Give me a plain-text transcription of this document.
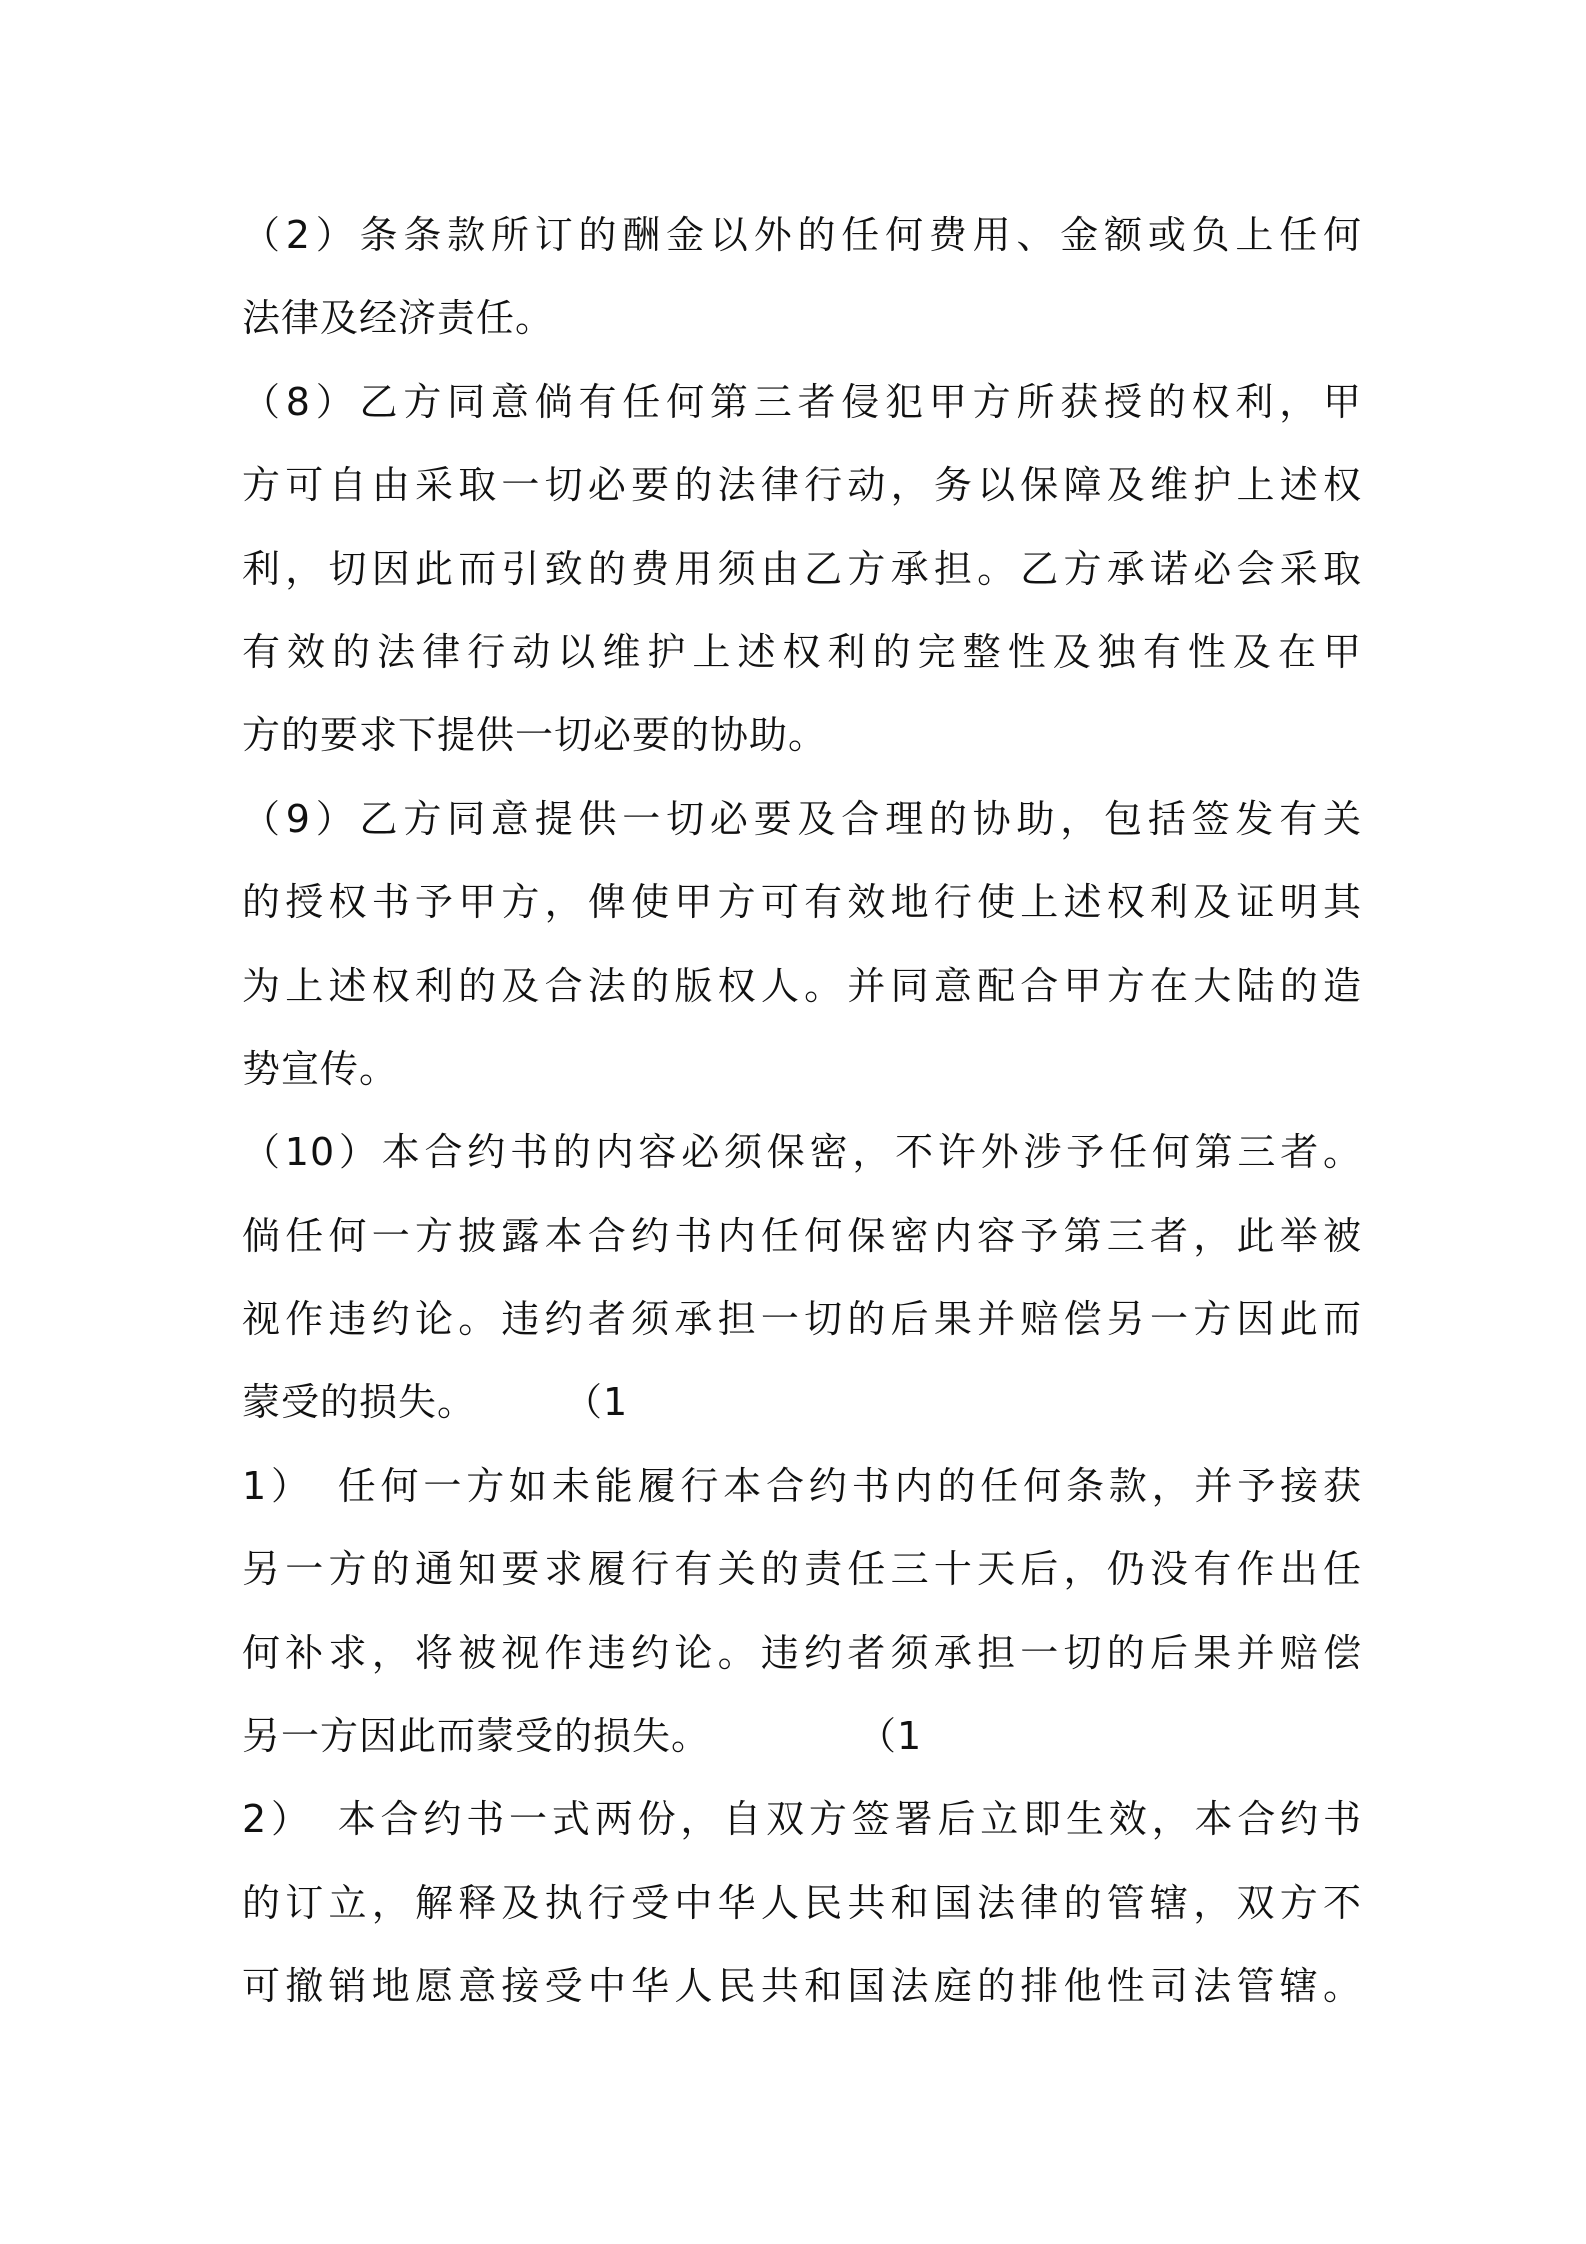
（2）条条款所订的酬金以外的任何费用、金额或负上任何
法律及经济责任。
（8）乙方同意倘有任何第三者侵犯甲方所获授的权利，甲
方可自由采取一切必要的法律行动，务以保障及维护上述权
利，切因此而引致的费用须由乙方承担。乙方承诺必会采取
有效的法律行动以维护上述权利的完整性及独有性及在甲
方的要求下提供一切必要的协助。
（9）乙方同意提供一切必要及合理的协助，包括签发有关
的授权书予甲方，俾使甲方可有效地行使上述权利及证明其
为上述权利的及合法的版权人。并同意配合甲方在大陆的造
势宣传。
（10）本合约书的内容必须保密，不许外涉予任何第三者。
倘任何一方披露本合约书内任何保密内容予第三者，此举被
视作违约论。违约者须承担一切的后果并赔偿另一方因此而
蒙受的损失。 （1
1）　任何一方如未能履行本合约书内的任何条款，并予接获
另一方的通知要求履行有关的责任三十天后，仍没有作出任
何补求，将被视作违约论。违约者须承担一切的后果并赔偿
另一方因此而蒙受的损失。	（1
2）　本合约书一式两份，自双方签署后立即生效，本合约书
的订立，解释及执行受中华人民共和国法律的管辖，双方不
可撤销地愿意接受中华人民共和国法庭的排他性司法管辖。
